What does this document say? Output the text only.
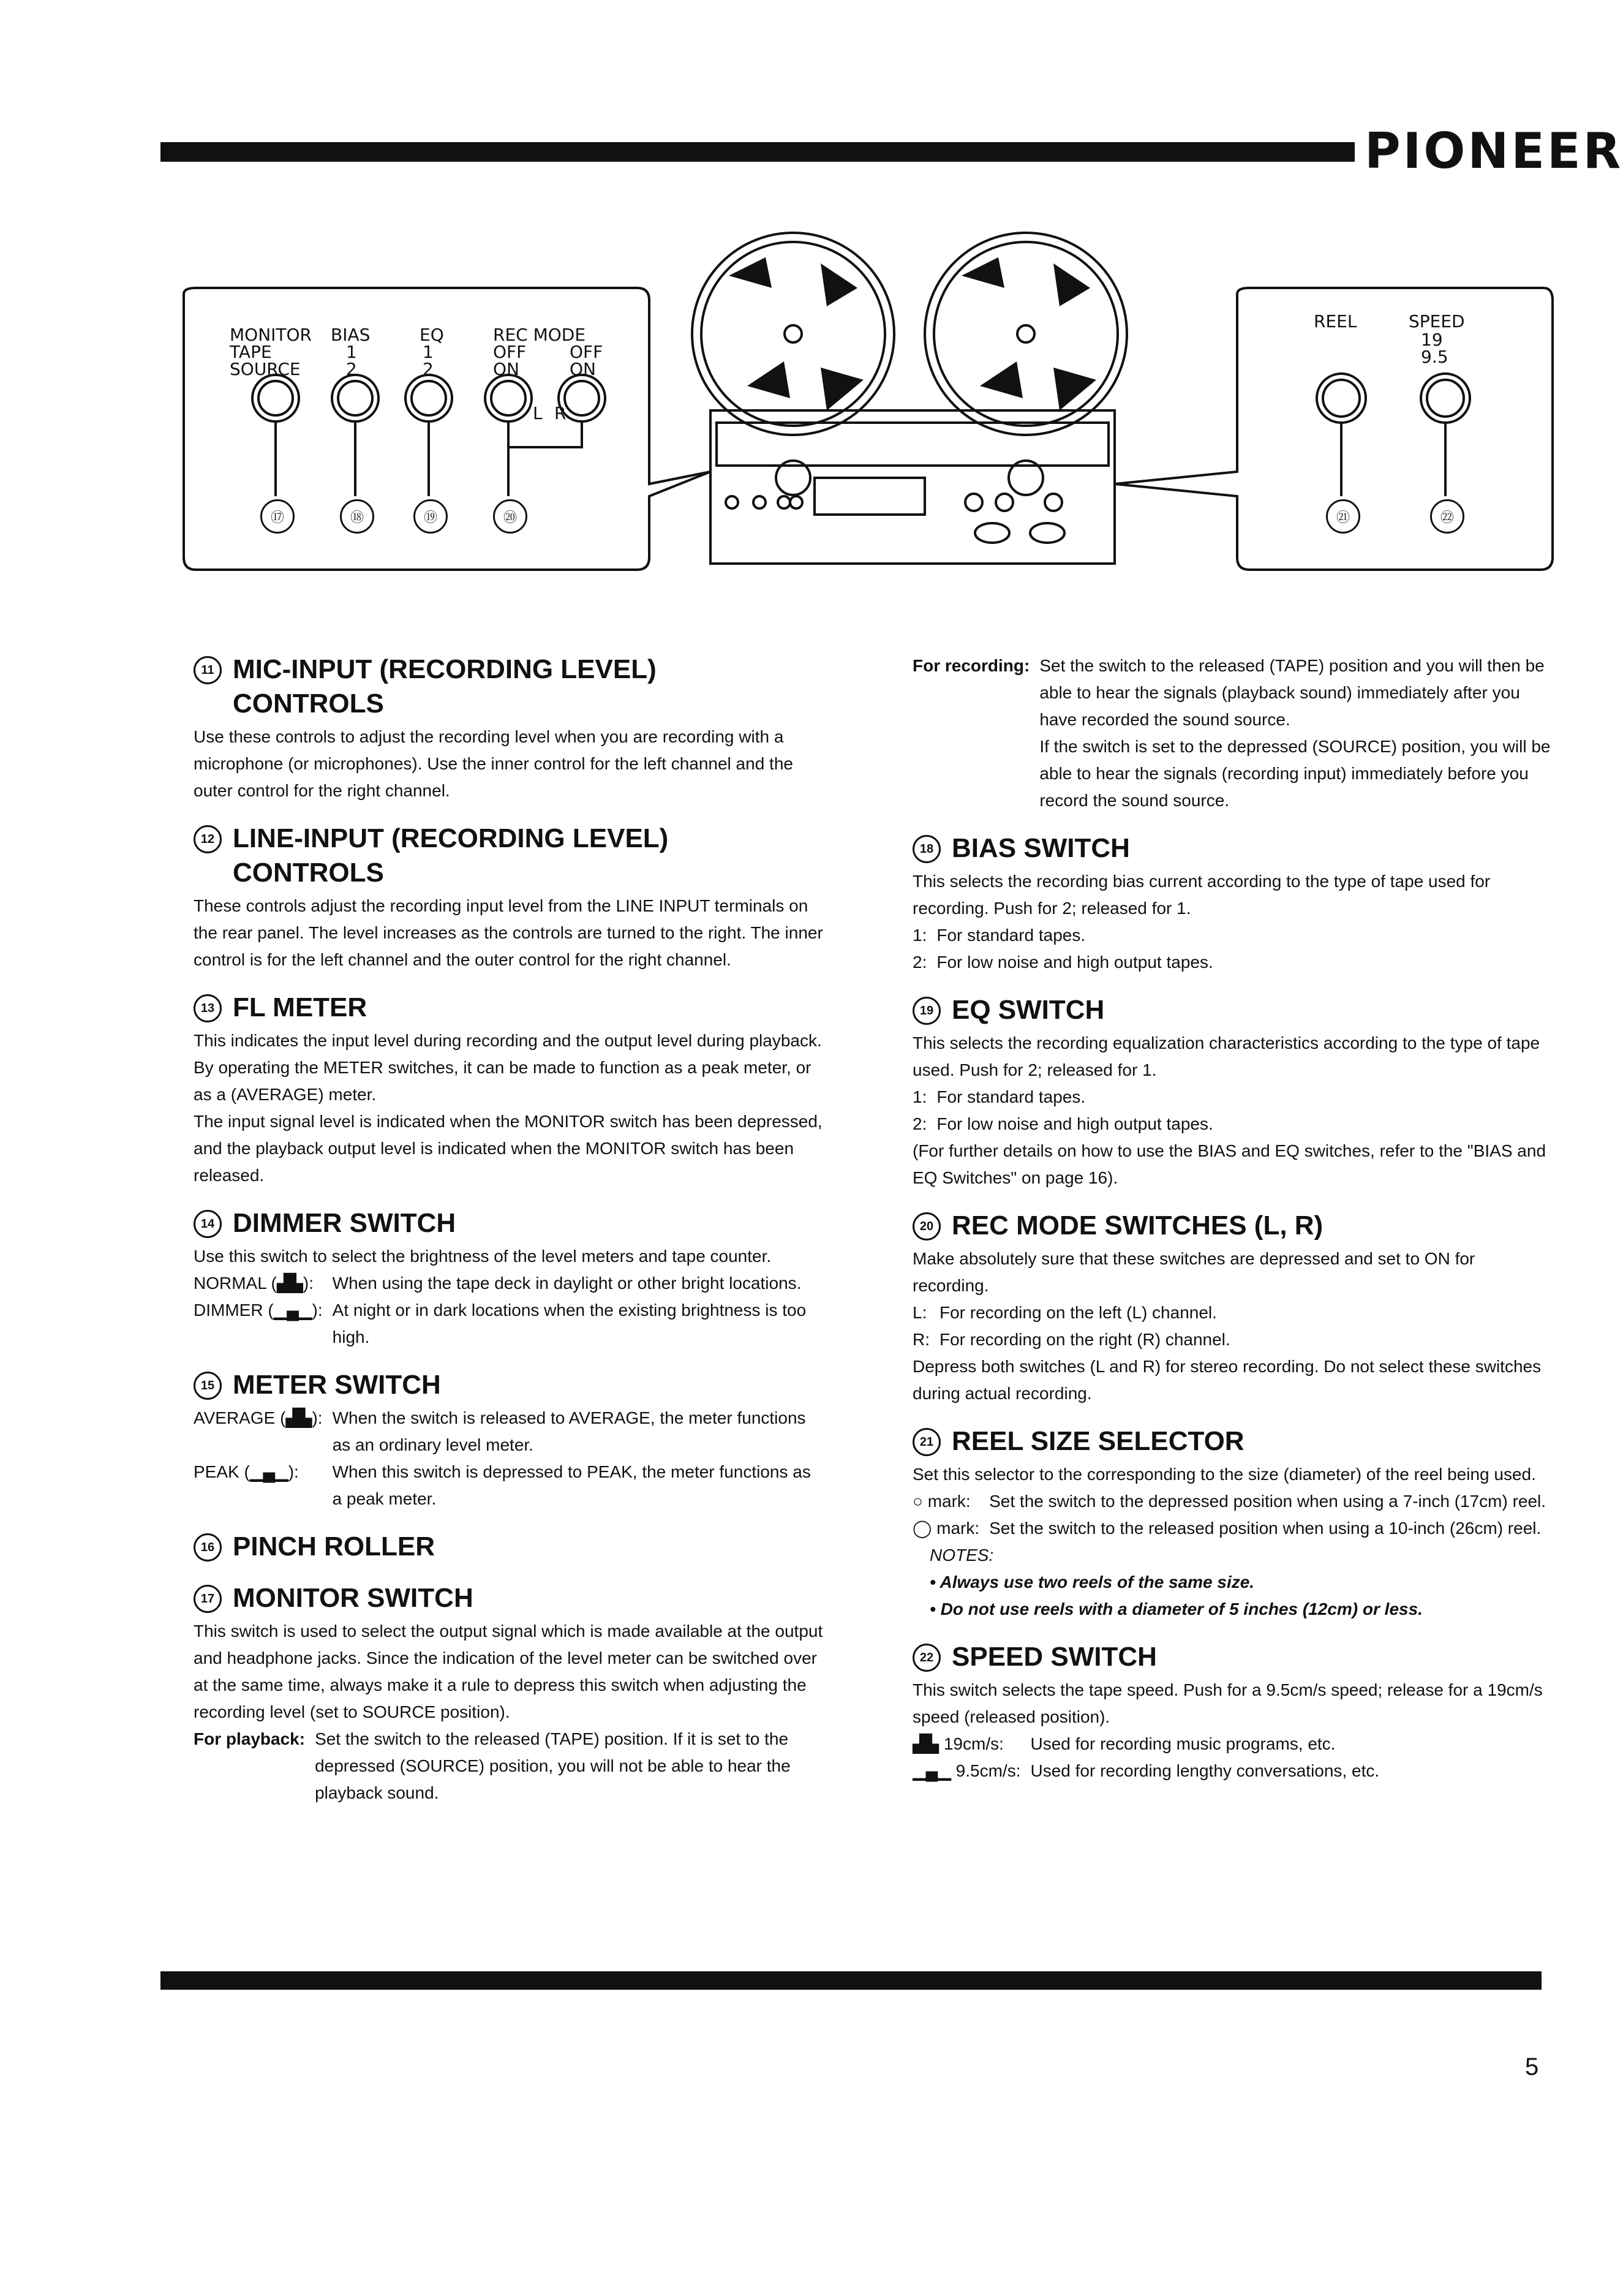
PIONEER
MONITOR
TAPE
SOURCE
BIAS
1
2
EQ
1
2
REC MODE
OFF	OFF
ON	ON
L R
REEL	SPEED
19
9.5
⑰	⑱	⑲	⑳	㉑	㉒
11 MIC-INPUT (RECORDING LEVEL)
CONTROLS

Use these controls to adjust the recording level when you are recording with a microphone (or microphones). Use the inner control for the left channel and the outer control for the right channel.

12 LINE-INPUT (RECORDING LEVEL)
CONTROLS

These controls adjust the recording input level from the LINE INPUT terminals on the rear panel. The level increases as the controls are turned to the right. The inner control is for the left channel and the outer control for the right channel.

13 FL METER

This indicates the input level during recording and the output level during playback.

By operating the METER switches, it can be made to function as a peak meter, or as a (AVERAGE) meter.

The input signal level is indicated when the MONITOR switch has been depressed, and the playback output level is indicated when the MONITOR switch has been released.

14 DIMMER SWITCH

Use this switch to select the brightness of the level meters and tape counter.

NORMAL (▟▙):	When using the tape deck in daylight or other bright locations.
DIMMER (▁▄▁): At night or in dark locations when the existing brightness is too high.
15 METER SWITCH
AVERAGE (▟▙): When the switch is released to AVERAGE, the meter functions as an ordinary level meter.
PEAK (▁▄▁):	When this switch is depressed to PEAK, the meter functions as a peak meter.
16 PINCH ROLLER
17 MONITOR SWITCH

This switch is used to select the output signal which is made available at the output and headphone jacks. Since the indication of the level meter can be switched over at the same time, always make it a rule to depress this switch when adjusting the recording level (set to SOURCE position).

For playback: Set the switch to the released (TAPE) position. If it is set to the depressed (SOURCE) position, you will not be able to hear the playback sound.
For recording: Set the switch to the released (TAPE) position and you will then be able to hear the signals (playback sound) immediately after you have recorded the sound source.
If the switch is set to the depressed (SOURCE) position, you will be able to hear the signals (recording input) immediately before you record the sound source.
18 BIAS SWITCH

This selects the recording bias current according to the type of tape used for recording. Push for 2; released for 1.

1: For standard tapes.
2: For low noise and high output tapes.
19 EQ SWITCH

This selects the recording equalization characteristics according to the type of tape used. Push for 2; released for 1.

1: For standard tapes.
2: For low noise and high output tapes.

(For further details on how to use the BIAS and EQ switches, refer to the "BIAS and EQ Switches" on page 16).

20 REC MODE SWITCHES (L, R)

Make absolutely sure that these switches are depressed and set to ON for recording.

L: For recording on the left (L) channel.
R: For recording on the right (R) channel.

Depress both switches (L and R) for stereo recording. Do not select these switches during actual recording.

21 REEL SIZE SELECTOR

Set this selector to the corresponding to the size (diameter) of the reel being used.

○ mark:	Set the switch to the depressed position when using a 7-inch (17cm) reel.
◯ mark: Set the switch to the released position when using a 10-inch (26cm) reel.
NOTES:
• Always use two reels of the same size.
• Do not use reels with a diameter of 5 inches (12cm) or less.
22 SPEED SWITCH

This switch selects the tape speed. Push for a 9.5cm/s speed; release for a 19cm/s speed (released position).

▟▙ 19cm/s:	Used for recording music programs, etc.
▁▄▁ 9.5cm/s: Used for recording lengthy conversations, etc.
5
